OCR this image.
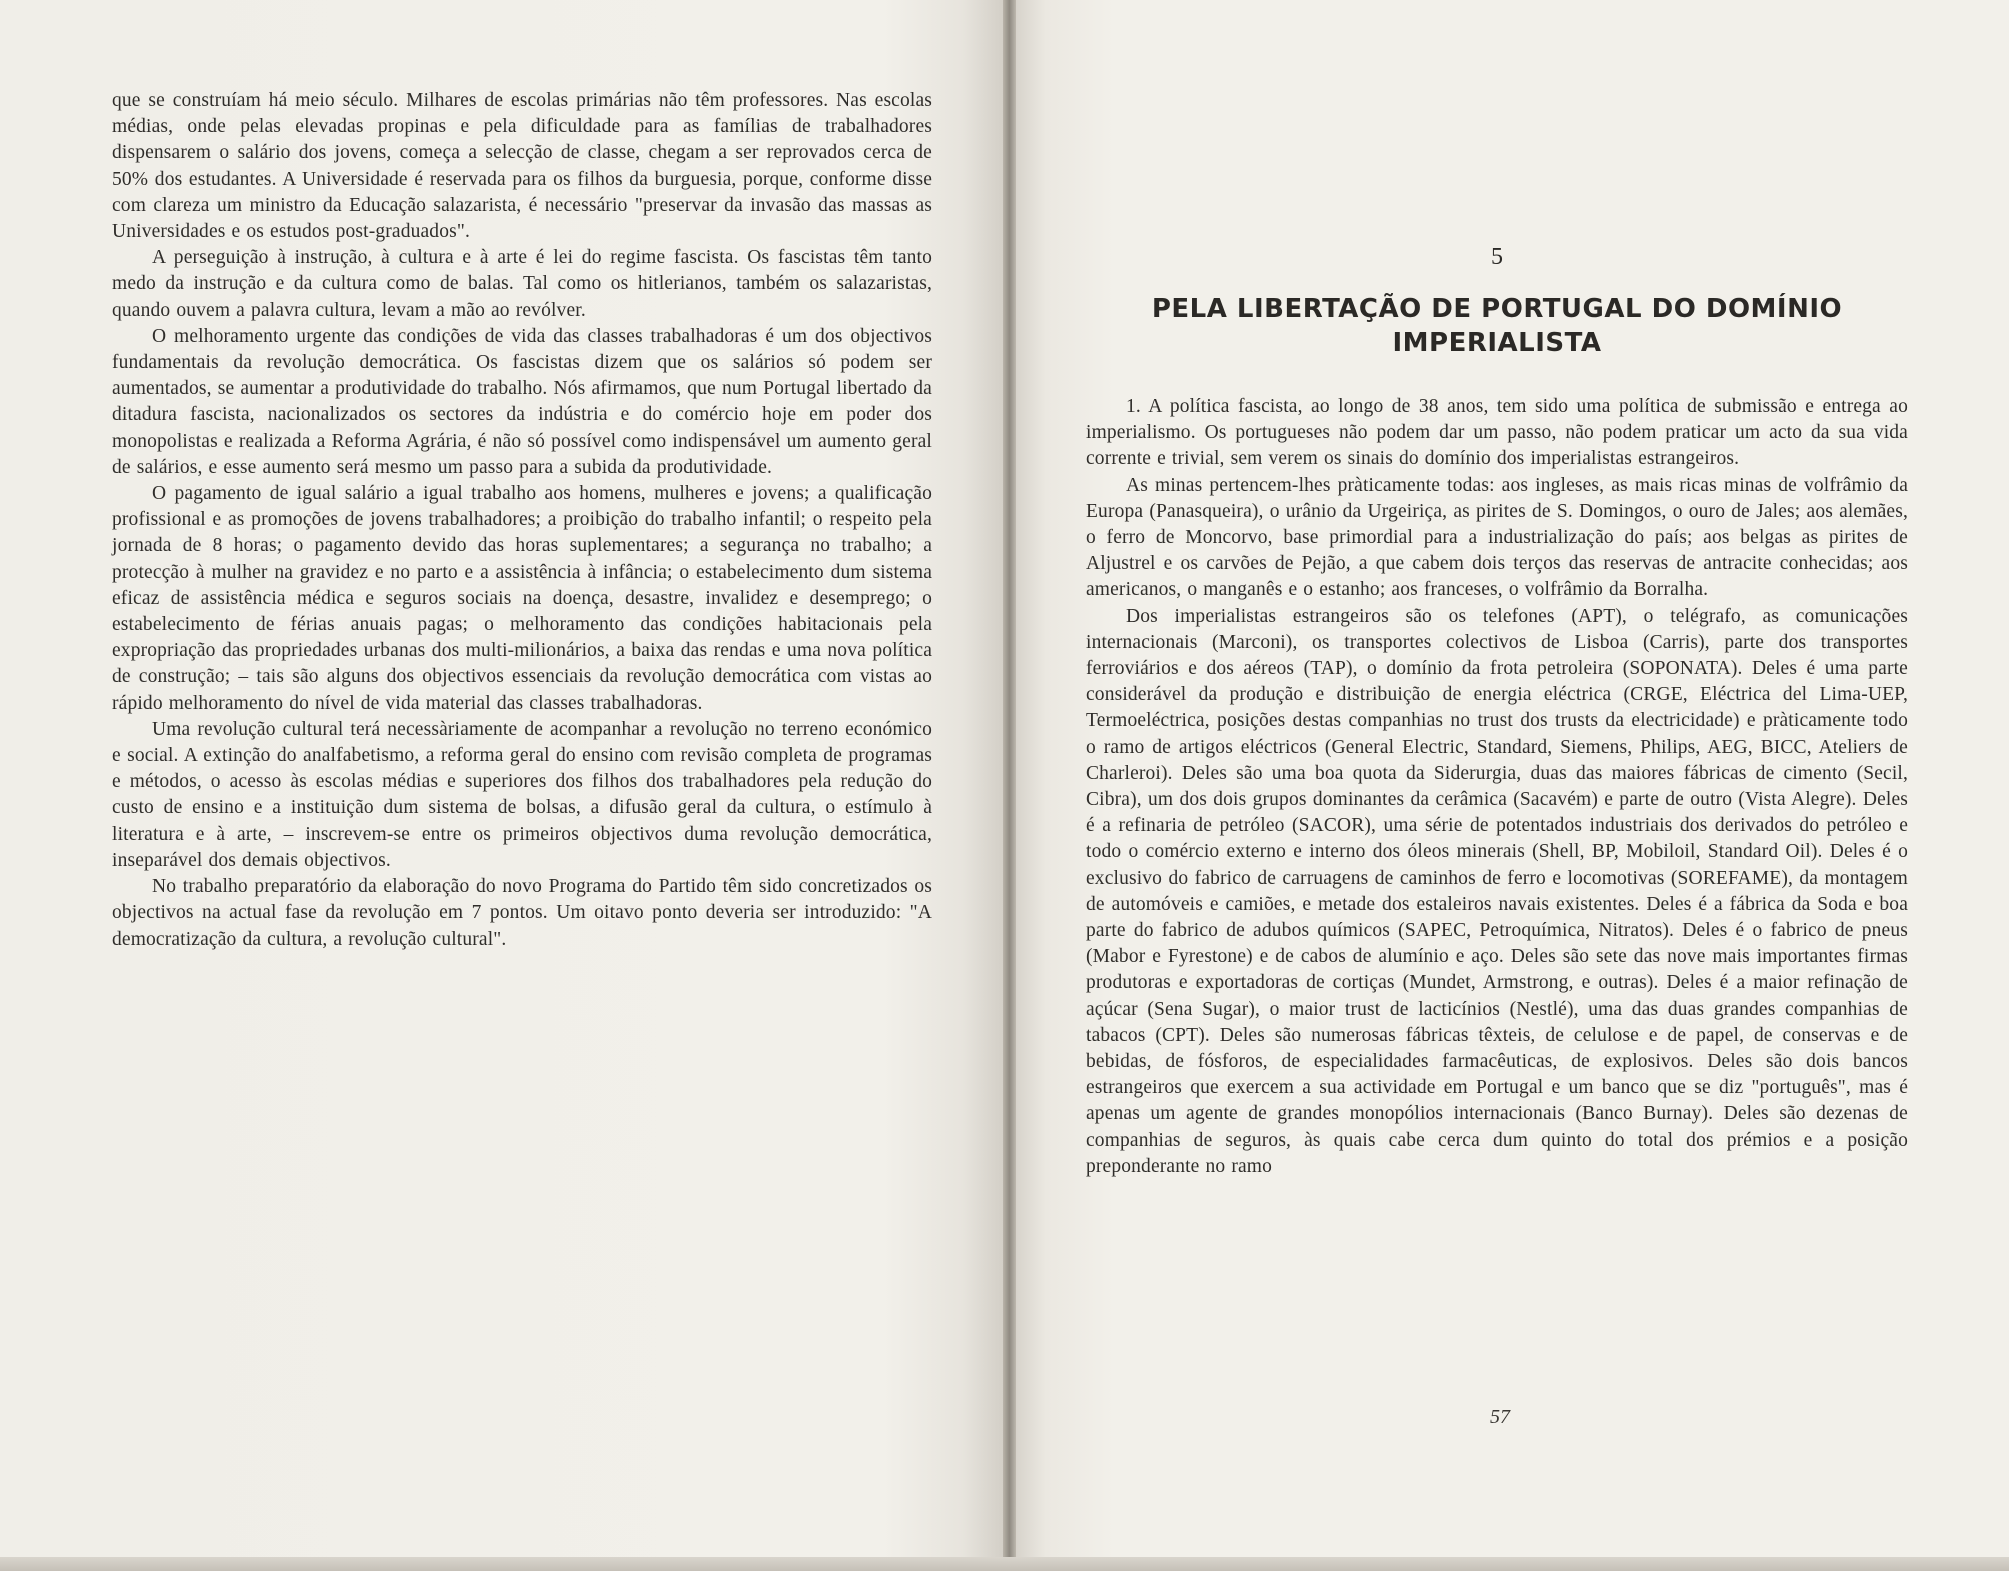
que se construíam há meio século. Milhares de escolas primárias não têm professores. Nas escolas médias, onde pelas elevadas propinas e pela dificuldade para as famílias de trabalhadores dispensarem o salário dos jovens, começa a selecção de classe, chegam a ser reprovados cerca de 50% dos estudantes. A Universidade é reservada para os filhos da burguesia, porque, conforme disse com clareza um ministro da Educação salazarista, é necessário "preservar da invasão das massas as Universidades e os estudos post-graduados".

A perseguição à instrução, à cultura e à arte é lei do regime fascista. Os fascistas têm tanto medo da instrução e da cultura como de balas. Tal como os hitlerianos, também os salazaristas, quando ouvem a palavra cultura, levam a mão ao revólver.

O melhoramento urgente das condições de vida das classes trabalhadoras é um dos objectivos fundamentais da revolução democrática. Os fascistas dizem que os salários só podem ser aumentados, se aumentar a produtividade do trabalho. Nós afirmamos, que num Portugal libertado da ditadura fascista, nacionalizados os sectores da indústria e do comércio hoje em poder dos monopolistas e realizada a Reforma Agrária, é não só possível como indispensável um aumento geral de salários, e esse aumento será mesmo um passo para a subida da produtividade.

O pagamento de igual salário a igual trabalho aos homens, mulheres e jovens; a qualificação profissional e as promoções de jovens trabalhadores; a proibição do trabalho infantil; o respeito pela jornada de 8 horas; o pagamento devido das horas suplementares; a segurança no trabalho; a protecção à mulher na gravidez e no parto e a assistência à infância; o estabelecimento dum sistema eficaz de assistência médica e seguros sociais na doença, desastre, invalidez e desemprego; o estabelecimento de férias anuais pagas; o melhoramento das condições habitacionais pela expropriação das propriedades urbanas dos multi-milionários, a baixa das rendas e uma nova política de construção; – tais são alguns dos objectivos essenciais da revolução democrática com vistas ao rápido melhoramento do nível de vida material das classes trabalhadoras.

Uma revolução cultural terá necessàriamente de acompanhar a revolução no terreno económico e social. A extinção do analfabetismo, a reforma geral do ensino com revisão completa de programas e métodos, o acesso às escolas médias e superiores dos filhos dos trabalhadores pela redução do custo de ensino e a instituição dum sistema de bolsas, a difusão geral da cultura, o estímulo à literatura e à arte, – inscrevem-se entre os primeiros objectivos duma revolução democrática, inseparável dos demais objectivos.

No trabalho preparatório da elaboração do novo Programa do Partido têm sido concretizados os objectivos na actual fase da revolução em 7 pontos. Um oitavo ponto deveria ser introduzido: "A democratização da cultura, a revolução cultural".

5
PELA LIBERTAÇÃO DE PORTUGAL DO DOMÍNIO IMPERIALISTA

1. A política fascista, ao longo de 38 anos, tem sido uma política de submissão e entrega ao imperialismo. Os portugueses não podem dar um passo, não podem praticar um acto da sua vida corrente e trivial, sem verem os sinais do domínio dos imperialistas estrangeiros.

As minas pertencem-lhes pràticamente todas: aos ingleses, as mais ricas minas de volfrâmio da Europa (Panasqueira), o urânio da Urgeiriça, as pirites de S. Domingos, o ouro de Jales; aos alemães, o ferro de Moncorvo, base primordial para a industrialização do país; aos belgas as pirites de Aljustrel e os carvões de Pejão, a que cabem dois terços das reservas de antracite conhecidas; aos americanos, o manganês e o estanho; aos franceses, o volfrâmio da Borralha.

Dos imperialistas estrangeiros são os telefones (APT), o telégrafo, as comunicações internacionais (Marconi), os transportes colectivos de Lisboa (Carris), parte dos transportes ferroviários e dos aéreos (TAP), o domínio da frota petroleira (SOPONATA). Deles é uma parte considerável da produção e distribuição de energia eléctrica (CRGE, Eléctrica del Lima-UEP, Termoeléctrica, posições destas companhias no trust dos trusts da electricidade) e pràticamente todo o ramo de artigos eléctricos (General Electric, Standard, Siemens, Philips, AEG, BICC, Ateliers de Charleroi). Deles são uma boa quota da Siderurgia, duas das maiores fábricas de cimento (Secil, Cibra), um dos dois grupos dominantes da cerâmica (Sacavém) e parte de outro (Vista Alegre). Deles é a refinaria de petróleo (SACOR), uma série de potentados industriais dos derivados do petróleo e todo o comércio externo e interno dos óleos minerais (Shell, BP, Mobiloil, Standard Oil). Deles é o exclusivo do fabrico de carruagens de caminhos de ferro e locomotivas (SOREFAME), da montagem de automóveis e camiões, e metade dos estaleiros navais existentes. Deles é a fábrica da Soda e boa parte do fabrico de adubos químicos (SAPEC, Petroquímica, Nitratos). Deles é o fabrico de pneus (Mabor e Fyrestone) e de cabos de alumínio e aço. Deles são sete das nove mais importantes firmas produtoras e exportadoras de cortiças (Mundet, Armstrong, e outras). Deles é a maior refinação de açúcar (Sena Sugar), o maior trust de lacticínios (Nestlé), uma das duas grandes companhias de tabacos (CPT). Deles são numerosas fábricas têxteis, de celulose e de papel, de conservas e de bebidas, de fósforos, de especialidades farmacêuticas, de explosivos. Deles são dois bancos estrangeiros que exercem a sua actividade em Portugal e um banco que se diz "português", mas é apenas um agente de grandes monopólios internacionais (Banco Burnay). Deles são dezenas de companhias de seguros, às quais cabe cerca dum quinto do total dos prémios e a posição preponderante no ramo

57
